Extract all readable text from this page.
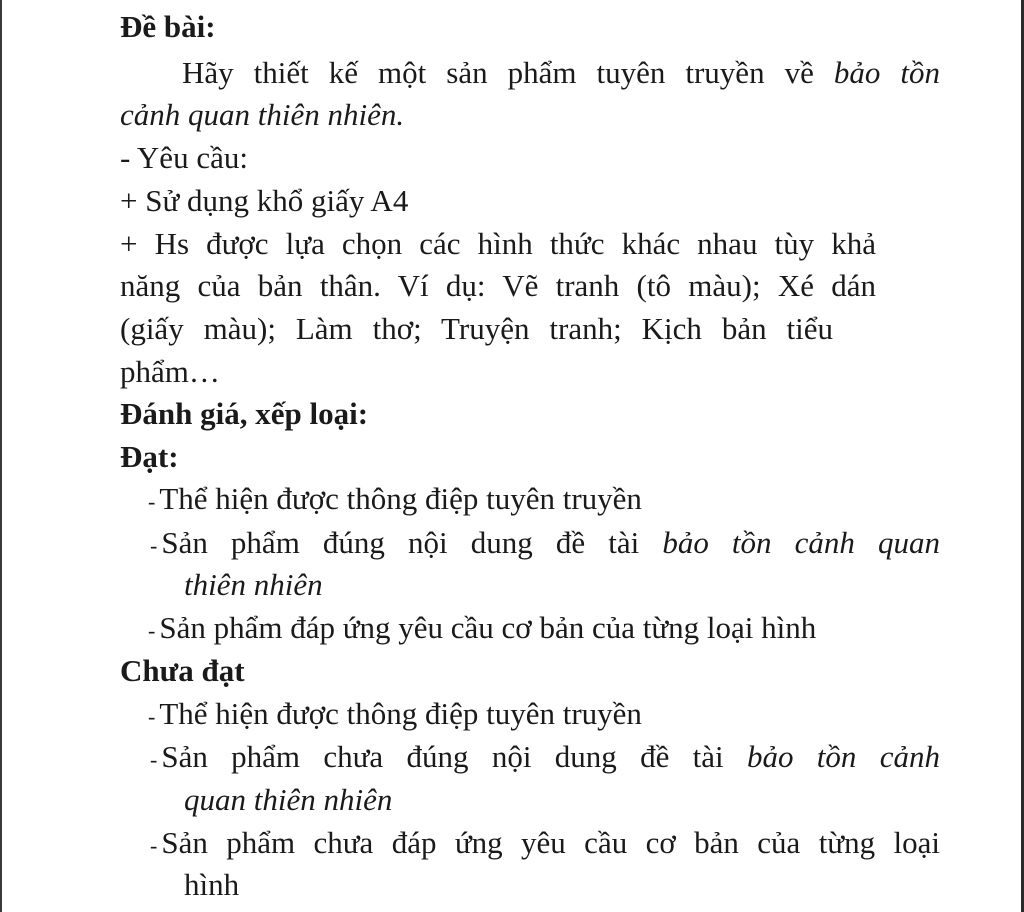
Đề bài:

Hãy thiết kế một sản phẩm tuyên truyền về bảo tồn

cảnh quan thiên nhiên.

- Yêu cầu:

+ Sử dụng khổ giấy A4

+ Hs được lựa chọn các hình thức khác nhau tùy khả

năng của bản thân. Ví dụ: Vẽ tranh (tô màu); Xé dán

(giấy màu); Làm thơ; Truyện tranh; Kịch bản tiểu

phẩm…

Đánh giá, xếp loại:

Đạt:

- Thể hiện được thông điệp tuyên truyền

- Sản phẩm đúng nội dung đề tài bảo tồn cảnh quan

thiên nhiên

- Sản phẩm đáp ứng yêu cầu cơ bản của từng loại hình

Chưa đạt

- Thể hiện được thông điệp tuyên truyền

- Sản phẩm chưa đúng nội dung đề tài bảo tồn cảnh

quan thiên nhiên

- Sản phẩm chưa đáp ứng yêu cầu cơ bản của từng loại

hình
